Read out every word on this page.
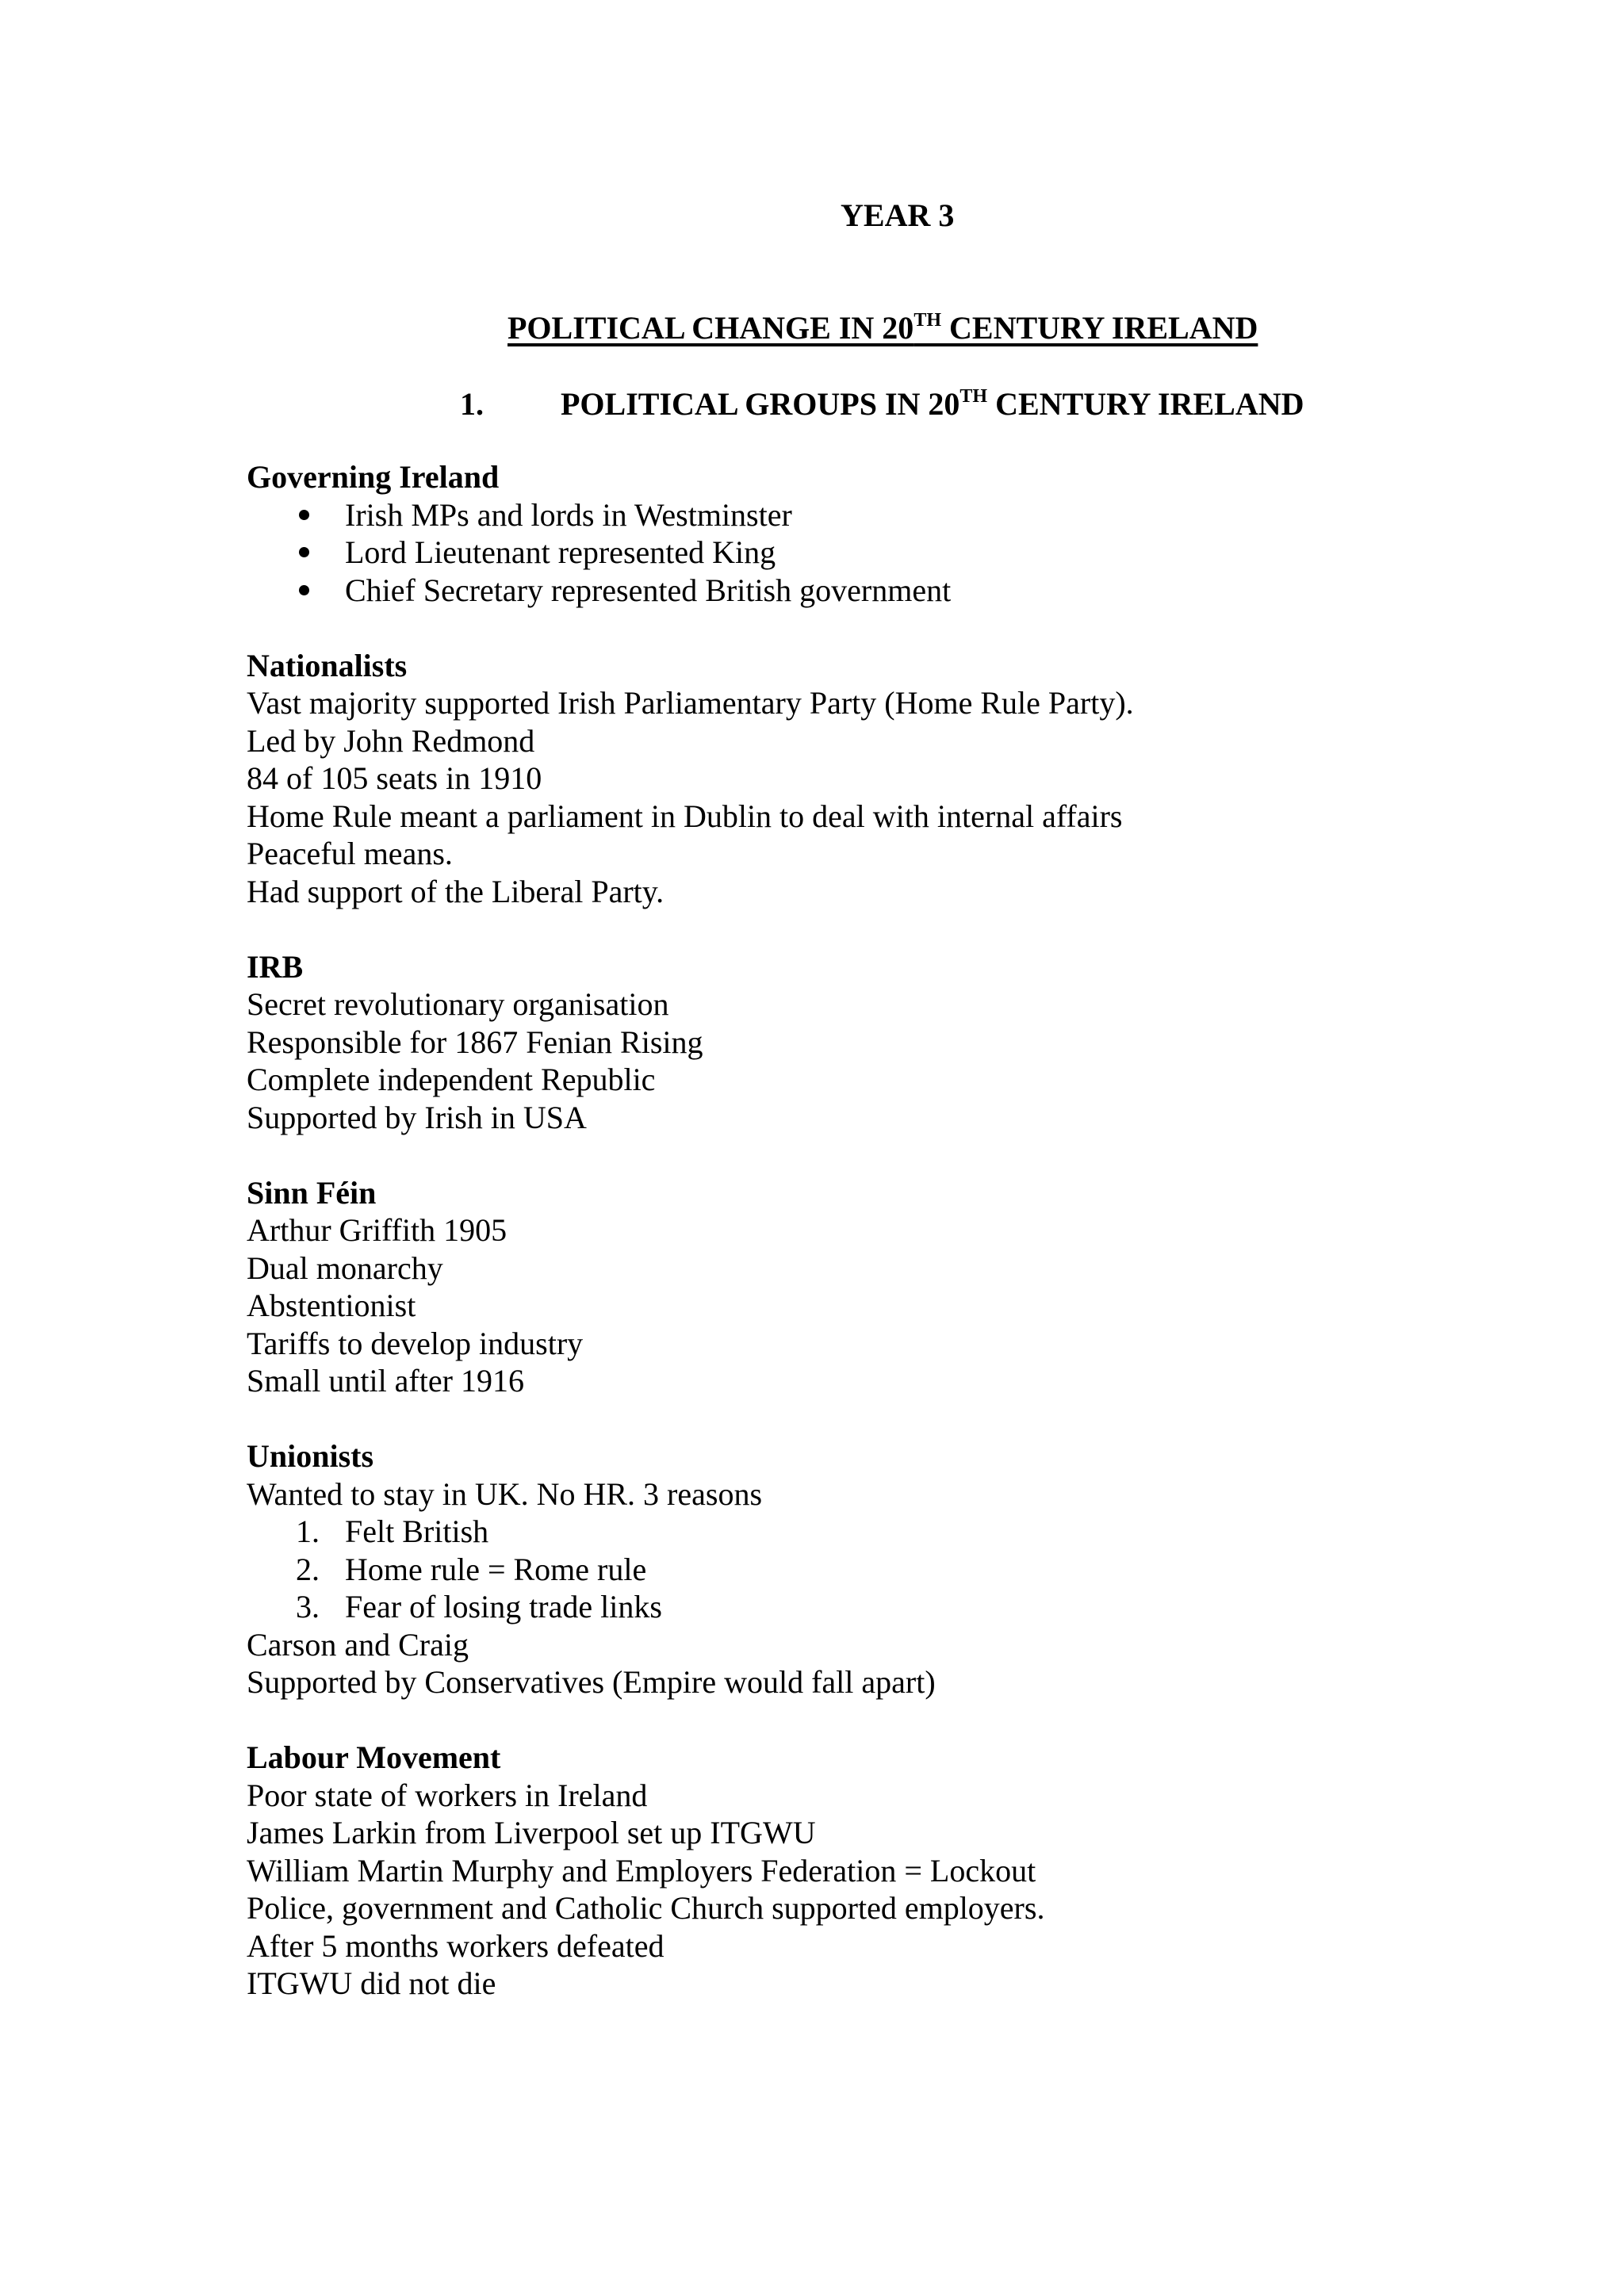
YEAR 3
POLITICAL CHANGE IN 20TH CENTURY IRELAND
1. POLITICAL GROUPS IN 20TH CENTURY IRELAND
Governing Ireland
Irish MPs and lords in Westminster
Lord Lieutenant represented King
Chief Secretary represented British government
Nationalists
Vast majority supported Irish Parliamentary Party (Home Rule Party).
Led by John Redmond
84 of 105 seats in 1910
Home Rule meant a parliament in Dublin to deal with internal affairs
Peaceful means.
Had support of the Liberal Party.
IRB
Secret revolutionary organisation
Responsible for 1867 Fenian Rising
Complete independent Republic
Supported by Irish in USA
Sinn Féin
Arthur Griffith 1905
Dual monarchy
Abstentionist
Tariffs to develop industry
Small until after 1916
Unionists
Wanted to stay in UK. No HR. 3 reasons
1. Felt British
2. Home rule = Rome rule
3. Fear of losing trade links
Carson and Craig
Supported by Conservatives (Empire would fall apart)
Labour Movement
Poor state of workers in Ireland
James Larkin from Liverpool set up ITGWU
William Martin Murphy and Employers Federation = Lockout
Police, government and Catholic Church supported employers.
After 5 months workers defeated
ITGWU did not die
